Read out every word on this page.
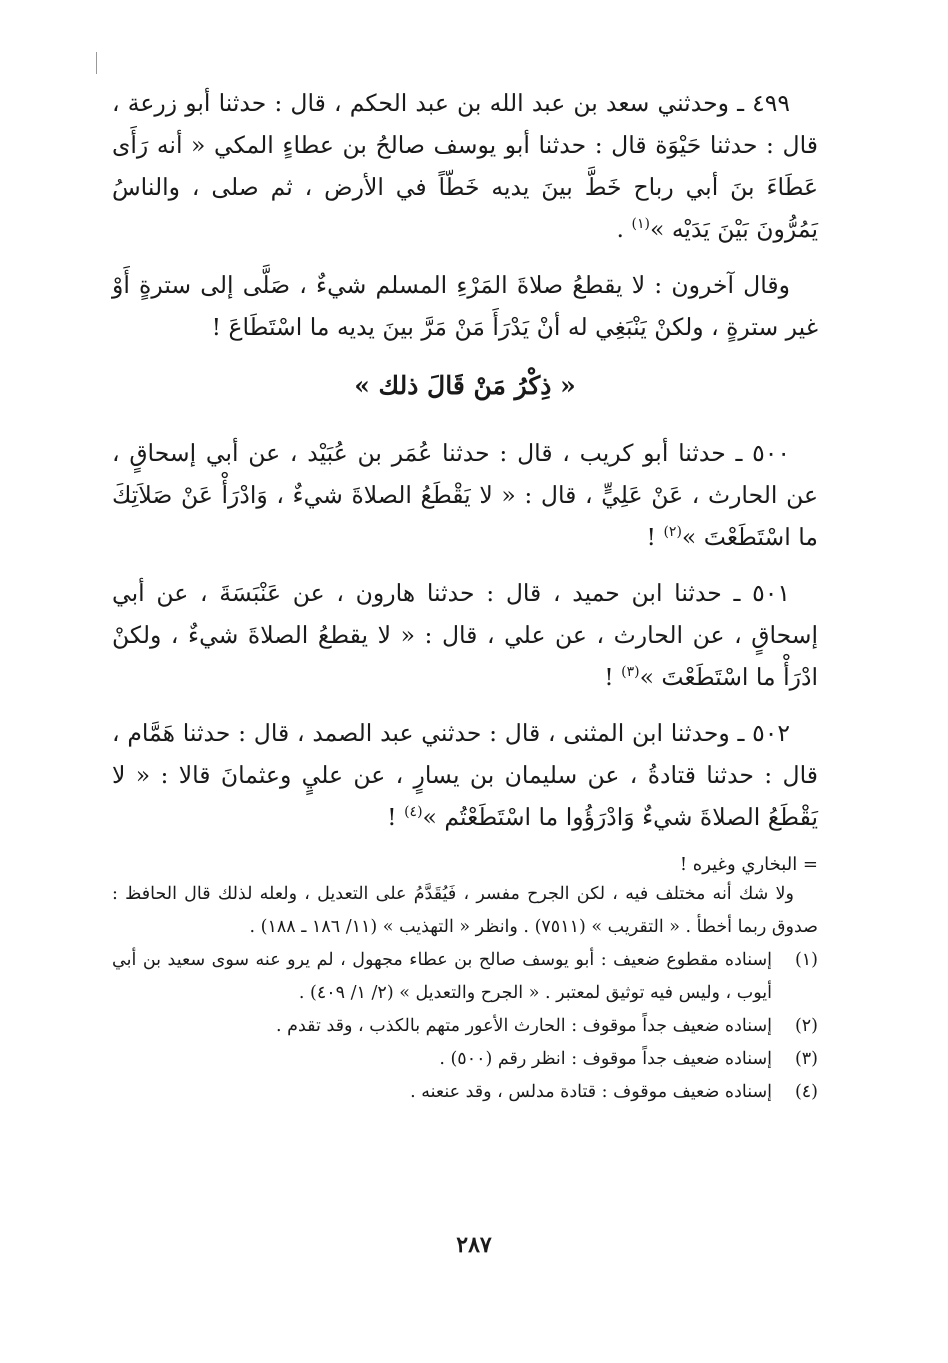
٤٩٩ ـ وحدثني سعد بن عبد الله بن عبد الحكم ، قال : حدثنا أبو زرعة ، قال : حدثنا حَيْوَة قال : حدثنا أبو يوسف صالحُ بن عطاءٍ المكي « أنه رَأَى عَطَاءَ بنَ أبي رباح خَطَّ بينَ يديه خَطّاً في الأرض ، ثم صلى ، والناسُ يَمُرُّونَ بَيْنَ يَدَيْه »$^{(١)}$ .

وقال آخرون : لا يقطعُ صلاةَ المَرْءِ المسلم شيءٌ ، صَلَّى إلى سترةٍ أَوْ غير سترةٍ ، ولكنْ يَنْبَغِي له أنْ يَدْرَأَ مَنْ مَرَّ بينَ يديه ما اسْتَطَاعَ !

« ذِكْرُ مَنْ قَالَ ذلك »

٥٠٠ ـ حدثنا أبو كريب ، قال : حدثنا عُمَر بن عُبَيْد ، عن أبي إسحاقٍ ، عن الحارث ، عَنْ عَلِيٍّ ، قال : « لا يَقْطَعُ الصلاةَ شيءٌ ، وَادْرَأْ عَنْ صَلاَتِكَ ما اسْتَطَعْتَ »$^{(٢)}$ !

٥٠١ ـ حدثنا ابن حميد ، قال : حدثنا هارون ، عن عَنْبَسَةَ ، عن أبي إسحاقٍ ، عن الحارث ، عن علي ، قال : « لا يقطعُ الصلاةَ شيءٌ ، ولكنْ ادْرَأْ ما اسْتَطَعْتَ »$^{(٣)}$ !

٥٠٢ ـ وحدثنا ابن المثنى ، قال : حدثني عبد الصمد ، قال : حدثنا هَمَّام ، قال : حدثنا قتادةُ ، عن سليمان بن يسارٍ ، عن عليٍ وعثمانَ قالا : « لا يَقْطَعُ الصلاةَ شيءٌ وَادْرَؤُوا ما اسْتَطَعْتُم »$^{(٤)}$ !

= البخاري وغيره !

ولا شك أنه مختلف فيه ، لكن الجرح مفسر ، فَيُقَدَّمُ على التعديل ، ولعله لذلك قال الحافظ : صدوق ربما أخطأ . « التقريب » (٧٥١١) . وانظر « التهذيب » (١١/ ١٨٦ ـ ١٨٨) .

(١)
إسناده مقطوع ضعيف : أبو يوسف صالح بن عطاء مجهول ، لم يرو عنه سوى سعيد بن أبي أيوب ، وليس فيه توثيق لمعتبر . « الجرح والتعديل » (٢/ ١/ ٤٠٩) .
(٢)
إسناده ضعيف جداً موقوف : الحارث الأعور متهم بالكذب ، وقد تقدم .
(٣)
إسناده ضعيف جداً موقوف : انظر رقم (٥٠٠) .
(٤)
إسناده ضعيف موقوف : قتادة مدلس ، وقد عنعنه .
٢٨٧
